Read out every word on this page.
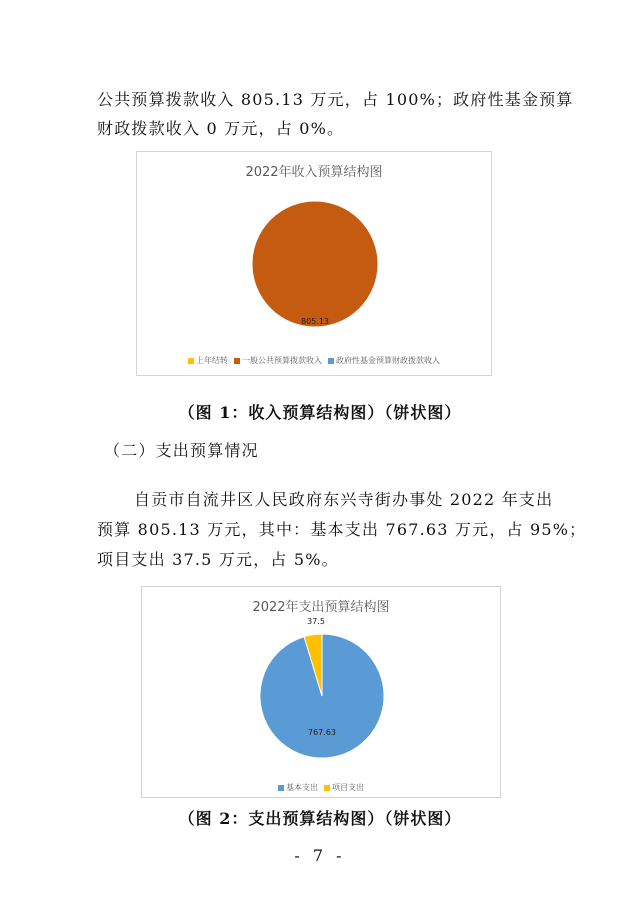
公共预算拨款收入 805.13 万元，占 100%；政府性基金预算
财政拨款收入 0 万元，占 0%。
2022年收入预算结构图
805.13
上年结转 一般公共预算拨款收入 政府性基金预算财政拨款收入
（图 1：收入预算结构图）（饼状图）
（二）支出预算情况
自贡市自流井区人民政府东兴寺街办事处 2022 年支出
预算 805.13 万元，其中：基本支出 767.63 万元，占 95%；
项目支出 37.5 万元，占 5%。
2022年支出预算结构图
767.63
37.5
基本支出 项目支出
（图 2：支出预算结构图）（饼状图）
- 7 -
